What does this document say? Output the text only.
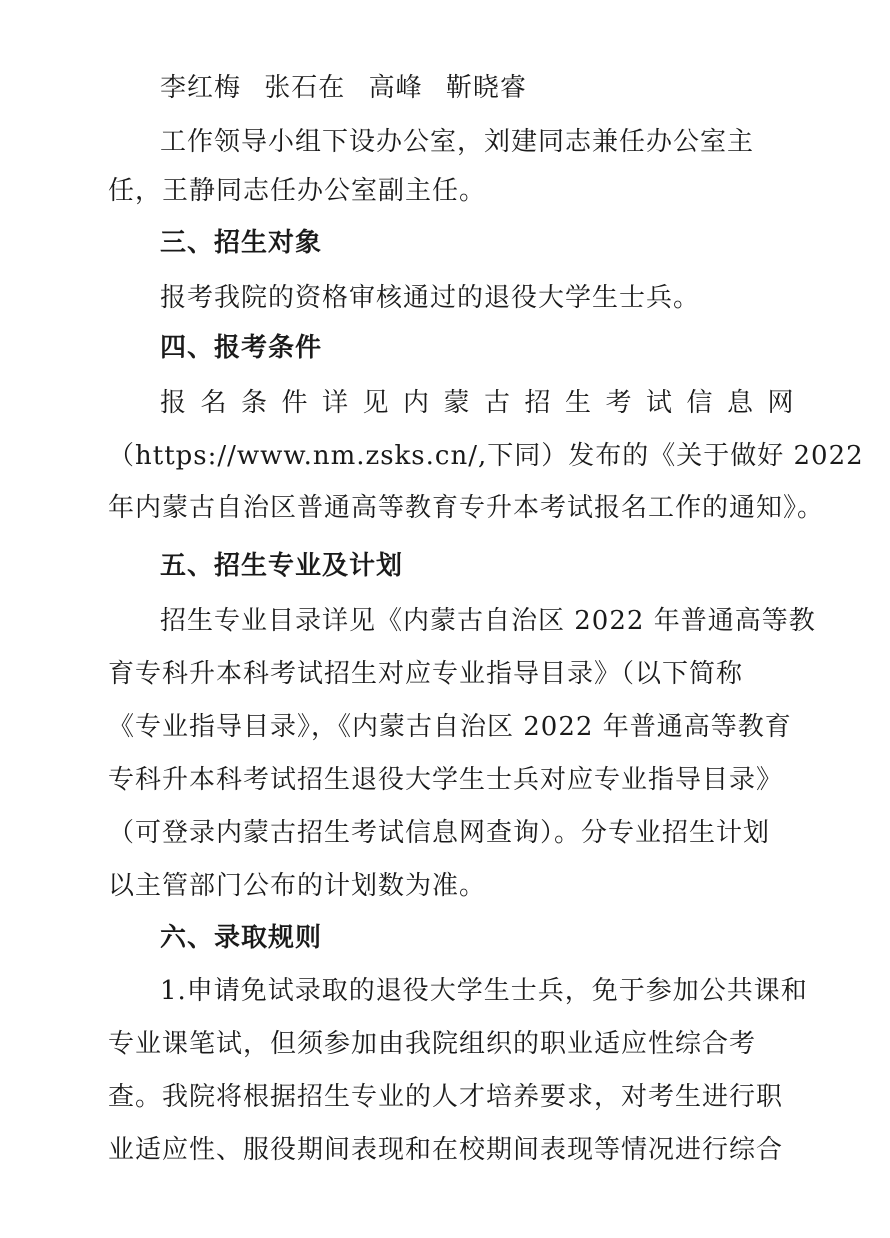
李红梅 张石在 高峰 靳晓睿
工作领导小组下设办公室，刘建同志兼任办公室主
任，王静同志任办公室副主任。
三、招生对象
报考我院的资格审核通过的退役大学生士兵。
四、报考条件
报名条件详见内蒙古招生考试信息网
（https://www.nm.zsks.cn/,下同）发布的《关于做好 2022
年内蒙古自治区普通高等教育专升本考试报名工作的通知》。
五、招生专业及计划
招生专业目录详见《内蒙古自治区 2022 年普通高等教
育专科升本科考试招生对应专业指导目录》（以下简称
《专业指导目录》，《内蒙古自治区 2022 年普通高等教育
专科升本科考试招生退役大学生士兵对应专业指导目录》
（可登录内蒙古招生考试信息网查询）。分专业招生计划
以主管部门公布的计划数为准。
六、录取规则
1.申请免试录取的退役大学生士兵，免于参加公共课和
专业课笔试，但须参加由我院组织的职业适应性综合考
查。我院将根据招生专业的人才培养要求，对考生进行职
业适应性、服役期间表现和在校期间表现等情况进行综合
